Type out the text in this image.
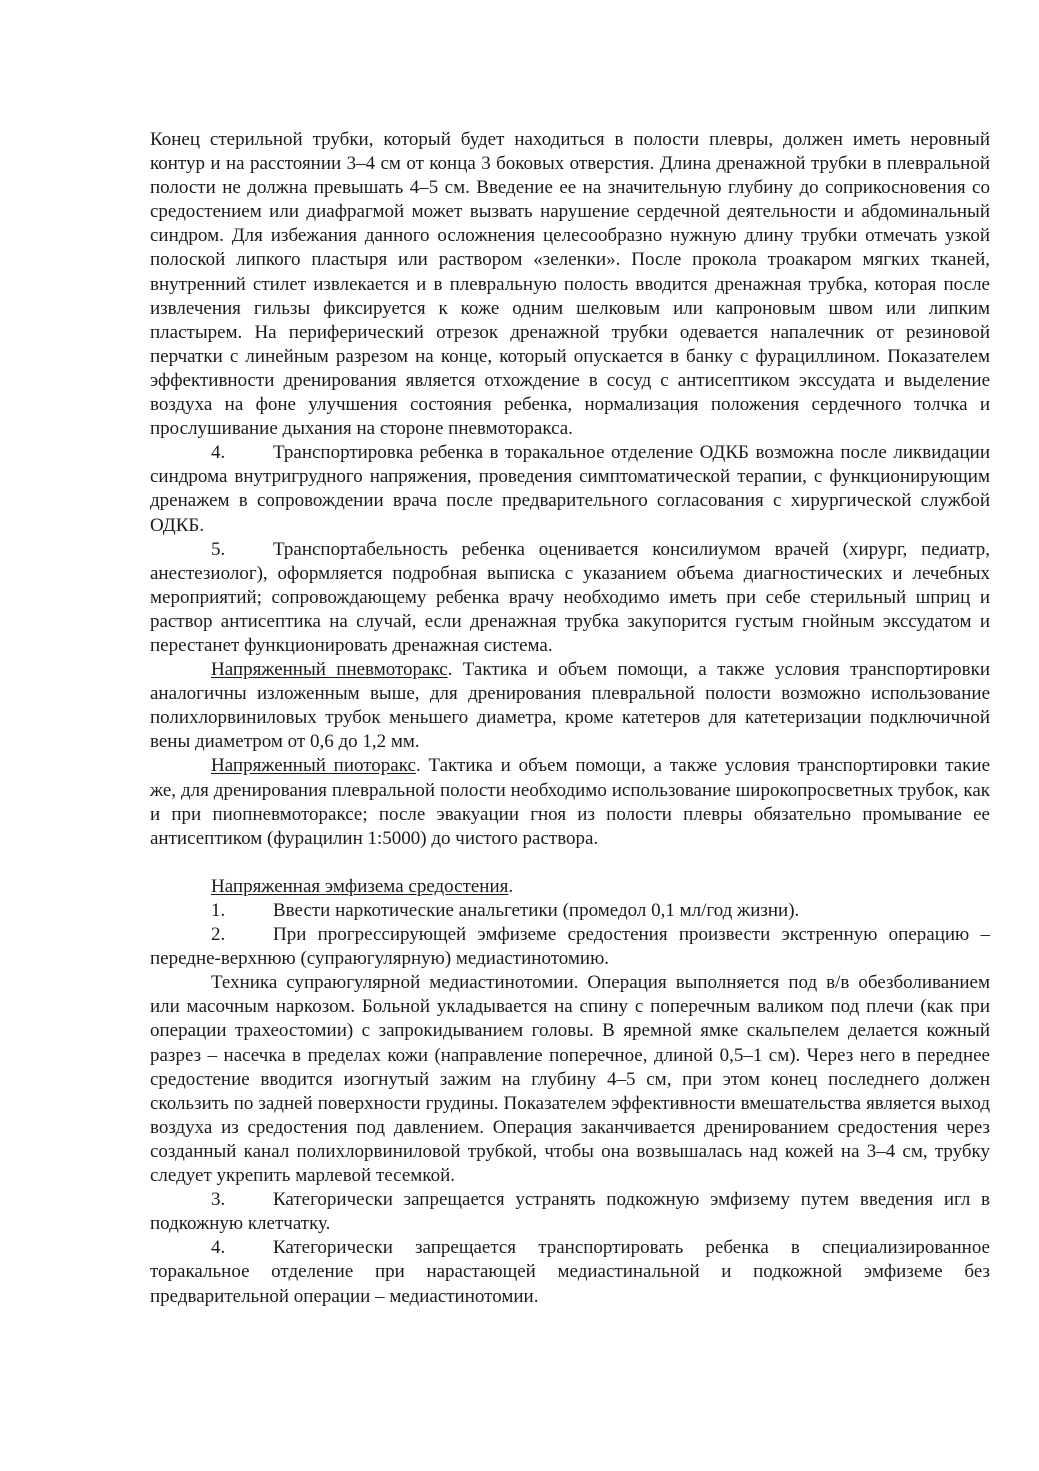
Конец стерильной трубки, который будет находиться в полости плевры, должен иметь неровный контур и на расстоянии 3–4 см от конца 3 боковых отверстия. Длина дренажной трубки в плевральной полости не должна превышать 4–5 см. Введение ее на значительную глубину до соприкосновения со средостением или диафрагмой может вызвать нарушение сердечной деятельности и абдоминальный синдром. Для избежания данного осложнения целесообразно нужную длину трубки отмечать узкой полоской липкого пластыря или раствором «зеленки». После прокола троакаром мягких тканей, внутренний стилет извлекается и в плевральную полость вводится дренажная трубка, которая после извлечения гильзы фиксируется к коже одним шелковым или капроновым швом или липким пластырем. На периферический отрезок дренажной трубки одевается напалечник от резиновой перчатки с линейным разрезом на конце, который опускается в банку с фурациллином. Показателем эффективности дренирования является отхождение в сосуд с антисептиком экссудата и выделение воздуха на фоне улучшения состояния ребенка, нормализация положения сердечного толчка и прослушивание дыхания на стороне пневмоторакса.

4.	Транспортировка ребенка в торакальное отделение ОДКБ возможна после ликвидации синдрома внутригрудного напряжения, проведения симптоматической терапии, с функционирующим дренажем в сопровождении врача после предварительного согласования с хирургической службой ОДКБ.

5.	Транспортабельность ребенка оценивается консилиумом врачей (хирург, педиатр, анестезиолог), оформляется подробная выписка с указанием объема диагностических и лечебных мероприятий; сопровождающему ребенка врачу необходимо иметь при себе стерильный шприц и раствор антисептика на случай, если дренажная трубка закупорится густым гнойным экссудатом и перестанет функционировать дренажная система.

Напряженный пневмоторакс. Тактика и объем помощи, а также условия транспортировки аналогичны изложенным выше, для дренирования плевральной полости возможно использование полихлорвиниловых трубок меньшего диаметра, кроме катетеров для катетеризации подключичной вены диаметром от 0,6 до 1,2 мм.

Напряженный пиоторакс. Тактика и объем помощи, а также условия транспортировки такие же, для дренирования плевральной полости необходимо использование широкопросветных трубок, как и при пиопневмотораксе; после эвакуации гноя из полости плевры обязательно промывание ее антисептиком (фурацилин 1:5000) до чистого раствора.

Напряженная эмфизема средостения.

1.	Ввести наркотические анальгетики (промедол 0,1 мл/год жизни).

2.	При прогрессирующей эмфиземе средостения произвести экстренную операцию – передне-верхнюю (супраюгулярную) медиастинотомию.

Техника супраюгулярной медиастинотомии. Операция выполняется под в/в обезболиванием или масочным наркозом. Больной укладывается на спину с поперечным валиком под плечи (как при операции трахеостомии) с запрокидыванием головы. В яремной ямке скальпелем делается кожный разрез – насечка в пределах кожи (направление поперечное, длиной 0,5–1 см). Через него в переднее средостение вводится изогнутый зажим на глубину 4–5 см, при этом конец последнего должен скользить по задней поверхности грудины. Показателем эффективности вмешательства является выход воздуха из средостения под давлением. Операция заканчивается дренированием средостения через созданный канал полихлорвиниловой трубкой, чтобы она возвышалась над кожей на 3–4 см, трубку следует укрепить марлевой тесемкой.

3.	Категорически запрещается устранять подкожную эмфизему путем введения игл в подкожную клетчатку.

4.	Категорически запрещается транспортировать ребенка в специализированное торакальное отделение при нарастающей медиастинальной и подкожной эмфиземе без предварительной операции – медиастинотомии.
